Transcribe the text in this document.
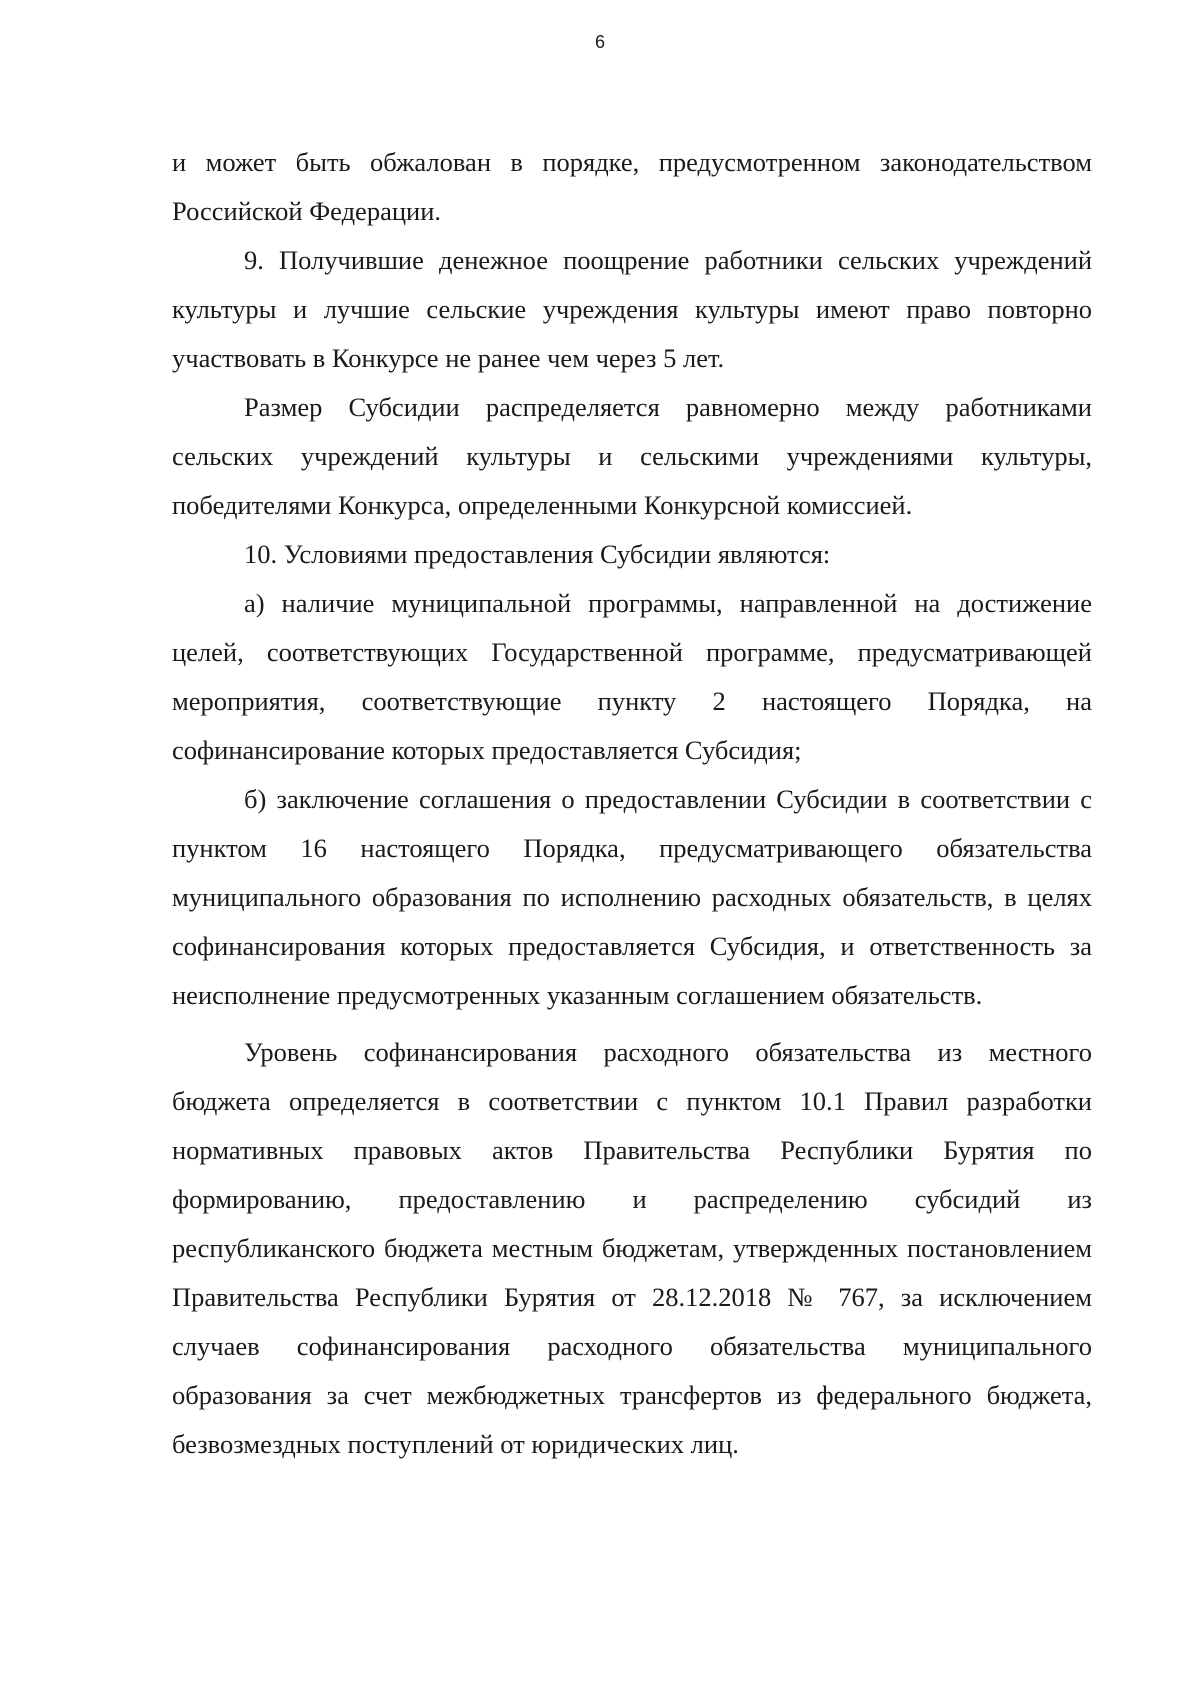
6

и может быть обжалован в порядке, предусмотренном законодательством Российской Федерации.

9. Получившие денежное поощрение работники сельских учреждений культуры и лучшие сельские учреждения культуры имеют право повторно участвовать в Конкурсе не ранее чем через 5 лет.

Размер Субсидии распределяется равномерно между работниками сельских учреждений культуры и сельскими учреждениями культуры, победителями Конкурса, определенными Конкурсной комиссией.

10. Условиями предоставления Субсидии являются:

а) наличие муниципальной программы, направленной на достижение целей, соответствующих Государственной программе, предусматривающей мероприятия, соответствующие пункту 2 настоящего Порядка, на софинансирование которых предоставляется Субсидия;

б) заключение соглашения о предоставлении Субсидии в соответствии с пунктом 16 настоящего Порядка, предусматривающего обязательства муниципального образования по исполнению расходных обязательств, в целях софинансирования которых предоставляется Субсидия, и ответственность за неисполнение предусмотренных указанным соглашением обязательств.

Уровень софинансирования расходного обязательства из местного бюджета определяется в соответствии с пунктом 10.1 Правил разработки нормативных правовых актов Правительства Республики Бурятия по формированию, предоставлению и распределению субсидий из республиканского бюджета местным бюджетам, утвержденных постановлением Правительства Республики Бурятия от 28.12.2018 № 767, за исключением случаев софинансирования расходного обязательства муниципального образования за счет межбюджетных трансфертов из федерального бюджета, безвозмездных поступлений от юридических лиц.
